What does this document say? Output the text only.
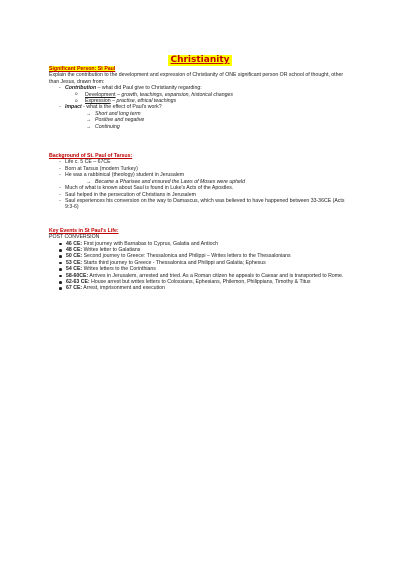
Christianity
Significant Person: St Paul

Explain the contribution to the development and expression of Christianity of ONE significant person OR school of thought, other than Jesus, drawn from:

- Contribution – what did Paul give to Christianity regarding:
o Development – growth, teachings, expansion, historical changes
o Expression – practise, ethical teachings
- Impact - what is the effect of Paul's work?
→ Short and long term
→ Positive and negative
→ Continuing
Background of St. Paul of Tarsus:
- Life c. 5 CE – 67CE
- Born at Tarsus (modern Turkey)
- He was a rabbinical (theology) student in Jerusalem
→ Became a Pharisee and ensured the Laws of Moses were upheld
- Much of what is known about Saul is found in Luke's Acts of the Apostles.
- Saul helped in the persecution of Christians in Jerusalem
- Saul experiences his conversion on the way to Damascus, which was believed to have happened between 33-36CE (Acts 9:3-6)
Key Events in St Paul's Life:

POST CONVERSION

46 CE: First journey with Barnabas to Cyprus, Galatia and Antioch
48 CE: Writes letter to Galatians
50 CE: Second journey to Greece: Thessalonica and Philippi – Writes letters to the Thessalonians
53 CE: Starts third journey to Greece - Thessalonica and Philippi and Galatia; Ephesus
54 CE: Writes letters to the Corinthians
58-60CE: Arrives in Jerusalem, arrested and tried. As a Roman citizen he appeals to Caesar and is transported to Rome.
62-63 CE: House arrest but writes letters to Colossians, Ephesians, Philemon, Philippians, Timothy & Titus
67 CE: Arrest, imprisonment and execution
